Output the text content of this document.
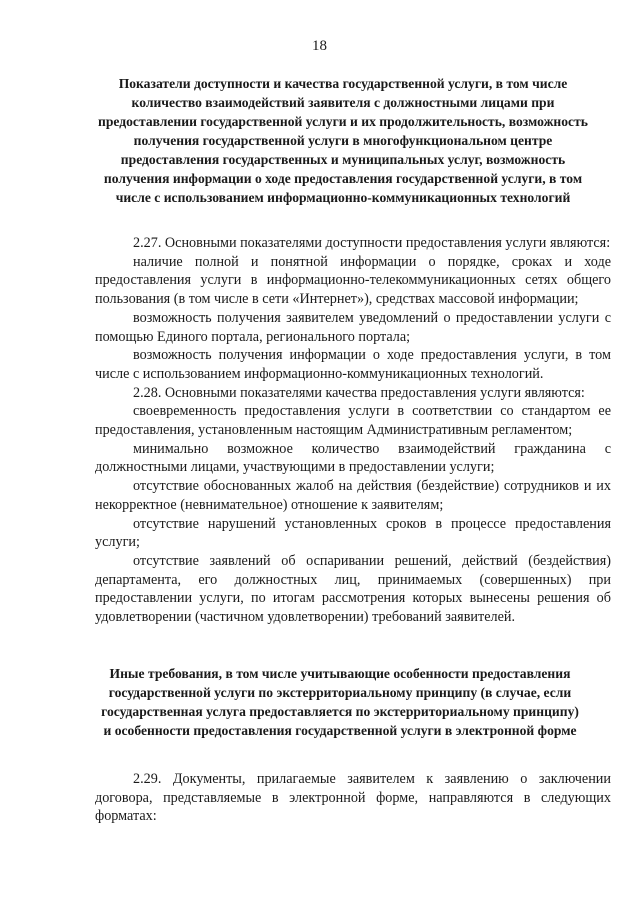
18
Показатели доступности и качества государственной услуги, в том числе количество взаимодействий заявителя с должностными лицами при предоставлении государственной услуги и их продолжительность, возможность получения государственной услуги в многофункциональном центре предоставления государственных и муниципальных услуг, возможность получения информации о ходе предоставления государственной услуги, в том числе с использованием информационно-коммуникационных технологий

2.27. Основными показателями доступности предоставления услуги являются:

наличие полной и понятной информации о порядке, сроках и ходе предоставления услуги в информационно-телекоммуникационных сетях общего пользования (в том числе в сети «Интернет»), средствах массовой информации;

возможность получения заявителем уведомлений о предоставлении услуги с помощью Единого портала, регионального портала;

возможность получения информации о ходе предоставления услуги, в том числе с использованием информационно-коммуникационных технологий.

2.28. Основными показателями качества предоставления услуги являются:

своевременность предоставления услуги в соответствии со стандартом ее предоставления, установленным настоящим Административным регламентом;

минимально возможное количество взаимодействий гражданина с должностными лицами, участвующими в предоставлении услуги;

отсутствие обоснованных жалоб на действия (бездействие) сотрудников и их некорректное (невнимательное) отношение к заявителям;

отсутствие нарушений установленных сроков в процессе предоставления услуги;

отсутствие заявлений об оспаривании решений, действий (бездействия) департамента, его должностных лиц, принимаемых (совершенных) при предоставлении услуги, по итогам рассмотрения которых вынесены решения об удовлетворении (частичном удовлетворении) требований заявителей.

Иные требования, в том числе учитывающие особенности предоставления государственной услуги по экстерриториальному принципу (в случае, если государственная услуга предоставляется по экстерриториальному принципу) и особенности предоставления государственной услуги в электронной форме

2.29. Документы, прилагаемые заявителем к заявлению о заключении договора, представляемые в электронной форме, направляются в следующих форматах:
